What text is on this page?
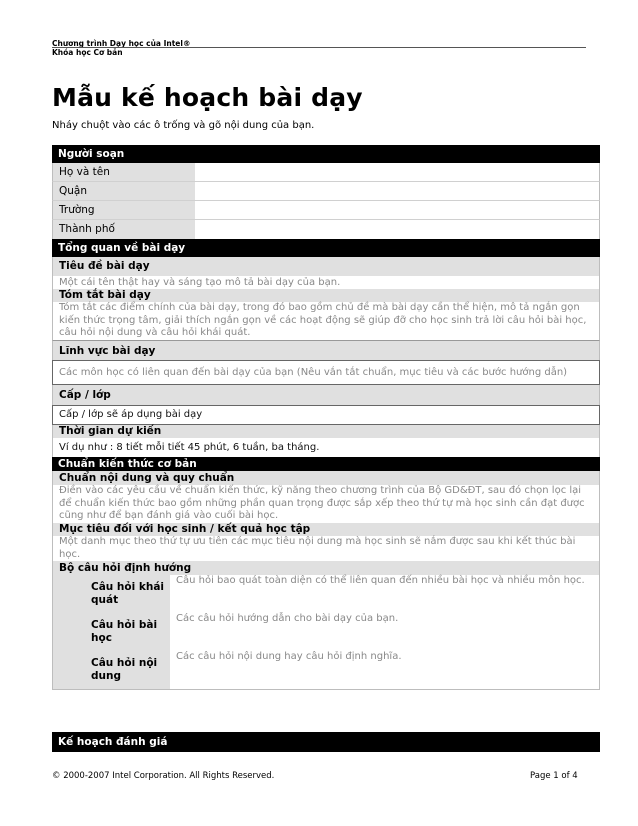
Chương trình Dạy học của Intel®
Khóa học Cơ bản
Mẫu kế hoạch bài dạy
Nháy chuột vào các ô trống và gõ nội dung của bạn.
Người soạn
Họ và tên
Quận
Trường
Thành phố
Tổng quan về bài dạy
Tiêu đề bài dạy
Một cái tên thật hay và sáng tạo mô tả bài dạy của bạn.
Tóm tắt bài dạy
Tóm tắt các điểm chính của bài dạy, trong đó bao gồm chủ đề mà bài dạy cần thể hiện, mô tả ngắn gọn kiến thức trọng tâm, giải thích ngắn gọn về các hoạt động sẽ giúp đỡ cho học sinh trả lời câu hỏi bài học, câu hỏi nội dung và câu hỏi khái quát.
Lĩnh vực bài dạy
Các môn học có liên quan đến bài dạy của bạn (Nêu vắn tắt chuẩn, mục tiêu và các bước hướng dẫn)
Cấp / lớp
Cấp / lớp sẽ áp dụng bài dạy
Thời gian dự kiến
Ví dụ như : 8 tiết mỗi tiết 45 phút, 6 tuần, ba tháng.
Chuẩn kiến thức cơ bản
Chuẩn nội dung và quy chuẩn
Điền vào các yêu cầu về chuẩn kiến thức, kỹ năng theo chương trình của Bộ GD&ĐT, sau đó chọn lọc lại để chuẩn kiến thức bao gồm những phần quan trọng được sắp xếp theo thứ tự mà học sinh cần đạt được cũng như để bạn đánh giá vào cuối bài học.
Mục tiêu đối với học sinh / kết quả học tập
Một danh mục theo thứ tự ưu tiên các mục tiêu nội dung mà học sinh sẽ nắm được sau khi kết thúc bài học.
Bộ câu hỏi định hướng
Câu hỏi khái quát
Câu hỏi bài học
Câu hỏi nội dung
Câu hỏi bao quát toàn diện có thể liên quan đến nhiều bài học và nhiều môn học.
Các câu hỏi hướng dẫn cho bài dạy của bạn.
Các câu hỏi nội dung hay câu hỏi định nghĩa.
Kế hoạch đánh giá
© 2000-2007 Intel Corporation. All Rights Reserved.	Page 1 of 4
